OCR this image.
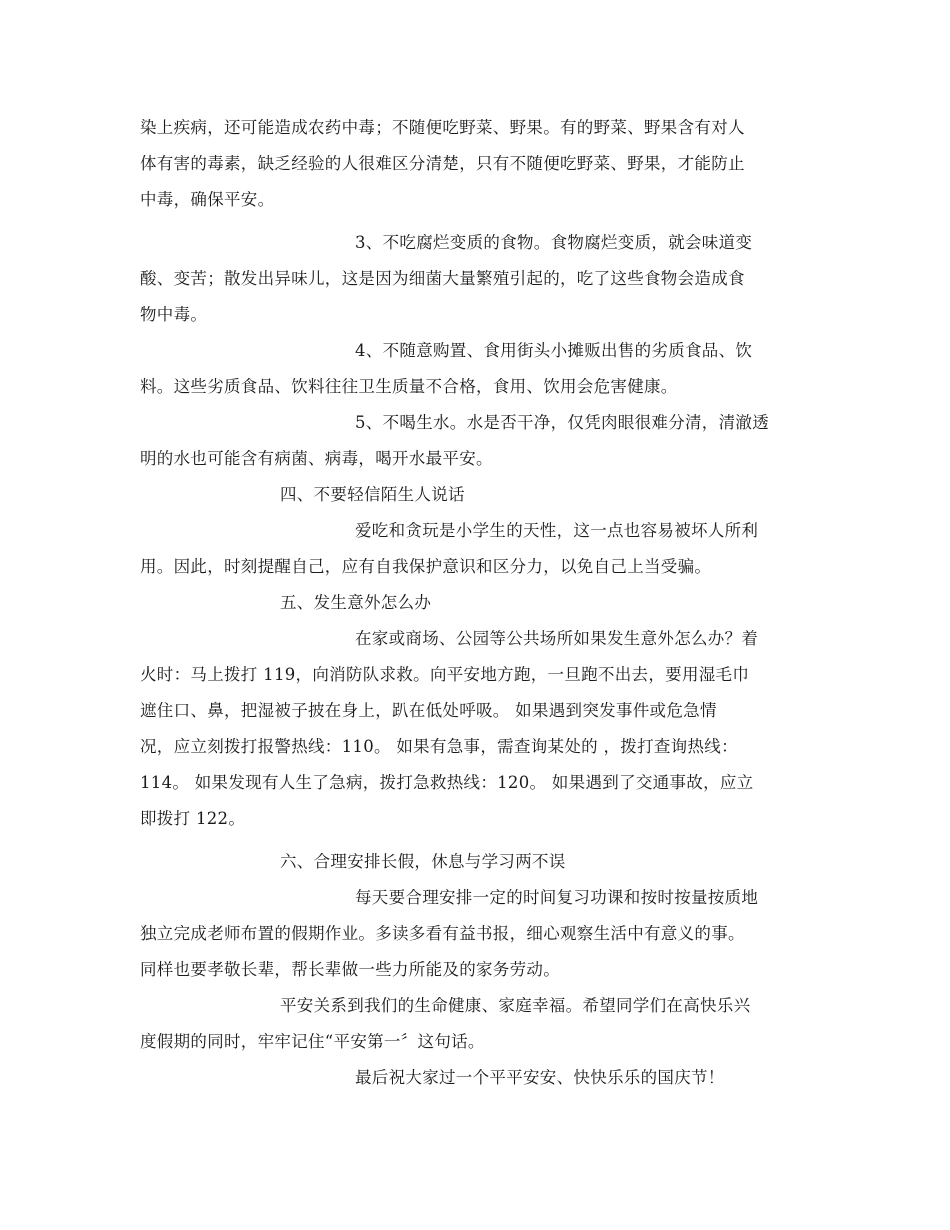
染上疾病，还可能造成农药中毒；不随便吃野菜、野果。有的野菜、野果含有对人
体有害的毒素，缺乏经验的人很难区分清楚，只有不随便吃野菜、野果，才能防止
中毒，确保平安。
3、不吃腐烂变质的食物。食物腐烂变质，就会味道变
酸、变苦；散发出异味儿，这是因为细菌大量繁殖引起的，吃了这些食物会造成食
物中毒。
4、不随意购置、食用街头小摊贩出售的劣质食品、饮
料。这些劣质食品、饮料往往卫生质量不合格，食用、饮用会危害健康。
5、不喝生水。水是否干净，仅凭肉眼很难分清，清澈透
明的水也可能含有病菌、病毒，喝开水最平安。
四、不要轻信陌生人说话
爱吃和贪玩是小学生的天性，这一点也容易被坏人所利
用。因此，时刻提醒自己，应有自我保护意识和区分力，以免自己上当受骗。
五、发生意外怎么办
在家或商场、公园等公共场所如果发生意外怎么办？着
火时：马上拨打 119，向消防队求救。向平安地方跑，一旦跑不出去，要用湿毛巾
遮住口、鼻，把湿被子披在身上，趴在低处呼吸。 如果遇到突发事件或危急情
况，应立刻拨打报警热线：110。 如果有急事，需查询某处的 ，拨打查询热线：
114。 如果发现有人生了急病，拨打急救热线：120。 如果遇到了交通事故，应立
即拨打 122。
六、合理安排长假，休息与学习两不误
每天要合理安排一定的时间复习功课和按时按量按质地
独立完成老师布置的假期作业。多读多看有益书报，细心观察生活中有意义的事。
同样也要孝敬长辈，帮长辈做一些力所能及的家务劳动。
平安关系到我们的生命健康、家庭幸福。希望同学们在高快乐兴
度假期的同时，牢牢记住“平安第一〞这句话。
最后祝大家过一个平平安安、快快乐乐的国庆节！
